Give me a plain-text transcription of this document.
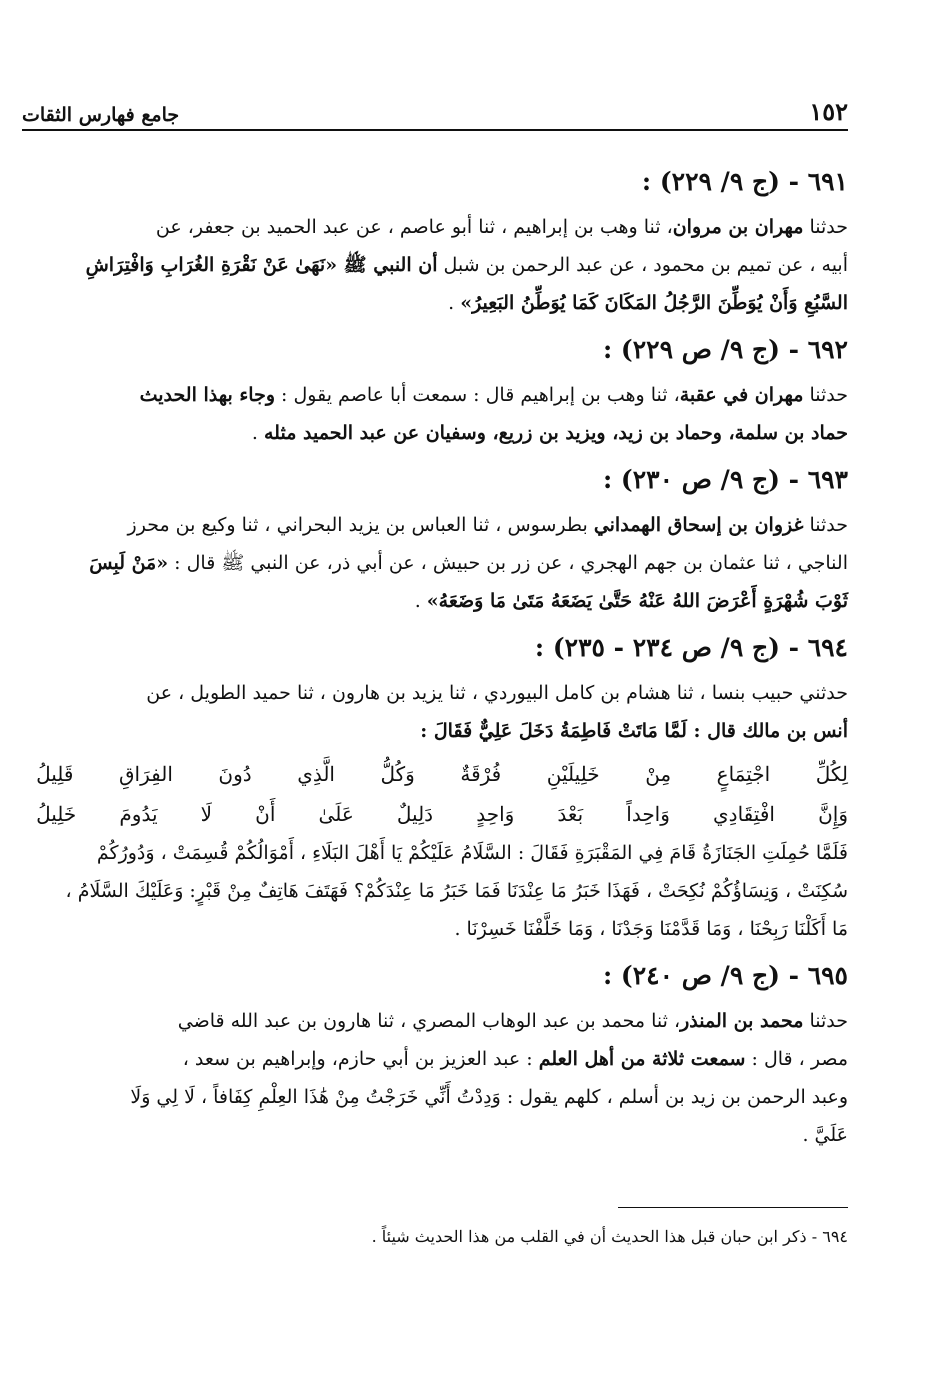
١٥٢
جامع فهارس الثقات
٦٩١ - (ج ٩/ ٢٢٩) :

حدثنا مهران بن مروان، ثنا وهب بن إبراهيم ، ثنا أبو عاصم ، عن عبد الحميد بن جعفر، عن

أبيه ، عن تميم بن محمود ، عن عبد الرحمن بن شبل أن النبي ﷺ «نَهَىٰ عَنْ نَقْرَةِ الغُرَابِ وَافْتِرَاشِ

السَّبُعِ وَأَنْ يُوَطِّنَ الرَّجُلُ المَكَانَ كَمَا يُوَطِّنُ البَعِيرُ» .

٦٩٢ - (ج ٩/ ص ٢٢٩) :

حدثنا مهران في عقبة، ثنا وهب بن إبراهيم قال : سمعت أبا عاصم يقول : وجاء بهذا الحديث

حماد بن سلمة، وحماد بن زيد، ويزيد بن زريع، وسفيان عن عبد الحميد مثله .

٦٩٣ - (ج ٩/ ص ٢٣٠) :

حدثنا غزوان بن إسحاق الهمداني بطرسوس ، ثنا العباس بن يزيد البحراني ، ثنا وكيع بن محرز

الناجي ، ثنا عثمان بن جهم الهجري ، عن زر بن حبيش ، عن أبي ذر، عن النبي ﷺ قال : «مَنْ لَبِسَ

ثَوْبَ شُهْرَةٍ أَعْرَضَ اللهُ عَنْهُ حَتَّىٰ يَضَعَهُ مَتَىٰ مَا وَضَعَهُ» .

٦٩٤ - (ج ٩/ ص ٢٣٤ - ٢٣٥) :

حدثني حبيب بنسا ، ثنا هشام بن كامل البيوردي ، ثنا يزيد بن هارون ، ثنا حميد الطويل ، عن

أنس بن مالك قال : لَمَّا مَاتَتْ فَاطِمَةُ دَخَلَ عَلِيٌّ فَقَالَ :

لِكُلِّ
اجْتِمَاعٍ
مِنْ
خَلِيلَيْنِ
فُرْقَةٌ
وَكُلُّ
الَّذِي
دُونَ
الفِرَاقِ
قَلِيلُ
وَإِنَّ
افْتِقَادِي
وَاحِداً
بَعْدَ
وَاحِدٍ
دَلِيلٌ
عَلَىٰ
أَنْ
لَا
يَدُومَ
خَلِيلُ

فَلَمَّا حُمِلَتِ الجَنَازَةُ قَامَ فِي المَقْبَرَةِ فَقَالَ : السَّلَامُ عَلَيْكُمْ يَا أَهْلَ البَلَاءِ ، أَمْوَالُكُمْ قُسِمَتْ ، وَدُورُكُمْ

سُكِنَتْ ، وَنِسَاؤُكُمْ نُكِحَتْ ، فَهَذَا خَبَرُ مَا عِنْدَنَا فَمَا خَبَرُ مَا عِنْدَكُمْ؟ فَهَتَفَ هَاتِفٌ مِنْ قَبْرٍ: وَعَلَيْكَ السَّلَامُ ،

مَا أَكَلْنَا رَبِحْنَا ، وَمَا قَدَّمْنَا وَجَدْنَا ، وَمَا خَلَّفْنَا خَسِرْنَا .

٦٩٥ - (ج ٩/ ص ٢٤٠) :

حدثنا محمد بن المنذر، ثنا محمد بن عبد الوهاب المصري ، ثنا هارون بن عبد الله قاضي

مصر ، قال : سمعت ثلاثة من أهل العلم : عبد العزيز بن أبي حازم، وإبراهيم بن سعد ،

وعبد الرحمن بن زيد بن أسلم ، كلهم يقول : وَدِدْتُ أَنِّي خَرَجْتُ مِنْ هَٰذَا العِلْمِ كِفَافاً ، لَا لِي وَلَا

عَلَيَّ .

٦٩٤ - ذكر ابن حبان قبل هذا الحديث أن في القلب من هذا الحديث شيئاً .
